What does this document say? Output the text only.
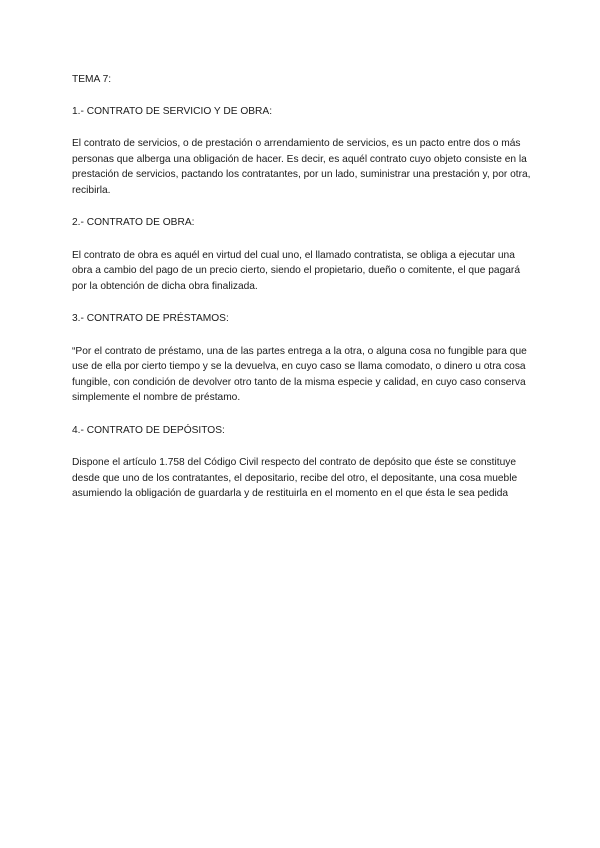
TEMA 7:

1.- CONTRATO DE SERVICIO Y DE OBRA:

El contrato de servicios, o de prestación o arrendamiento de servicios, es un pacto entre dos o más personas que alberga una obligación de hacer. Es decir, es aquél contrato cuyo objeto consiste en la prestación de servicios, pactando los contratantes, por un lado, suministrar una prestación y, por otra, recibirla.

2.- CONTRATO DE OBRA:

El contrato de obra es aquél en virtud del cual uno, el llamado contratista, se obliga a ejecutar una obra a cambio del pago de un precio cierto, siendo el propietario, dueño o comitente, el que pagará por la obtención de dicha obra finalizada.

3.- CONTRATO DE PRÉSTAMOS:

“Por el contrato de préstamo, una de las partes entrega a la otra, o alguna cosa no fungible para que use de ella por cierto tiempo y se la devuelva, en cuyo caso se llama comodato, o dinero u otra cosa fungible, con condición de devolver otro tanto de la misma especie y calidad, en cuyo caso conserva simplemente el nombre de préstamo.

4.- CONTRATO DE DEPÓSITOS:

Dispone el artículo 1.758 del Código Civil respecto del contrato de depósito que éste se constituye desde que uno de los contratantes, el depositario, recibe del otro, el depositante, una cosa mueble asumiendo la obligación de guardarla y de restituirla en el momento en el que ésta le sea pedida
